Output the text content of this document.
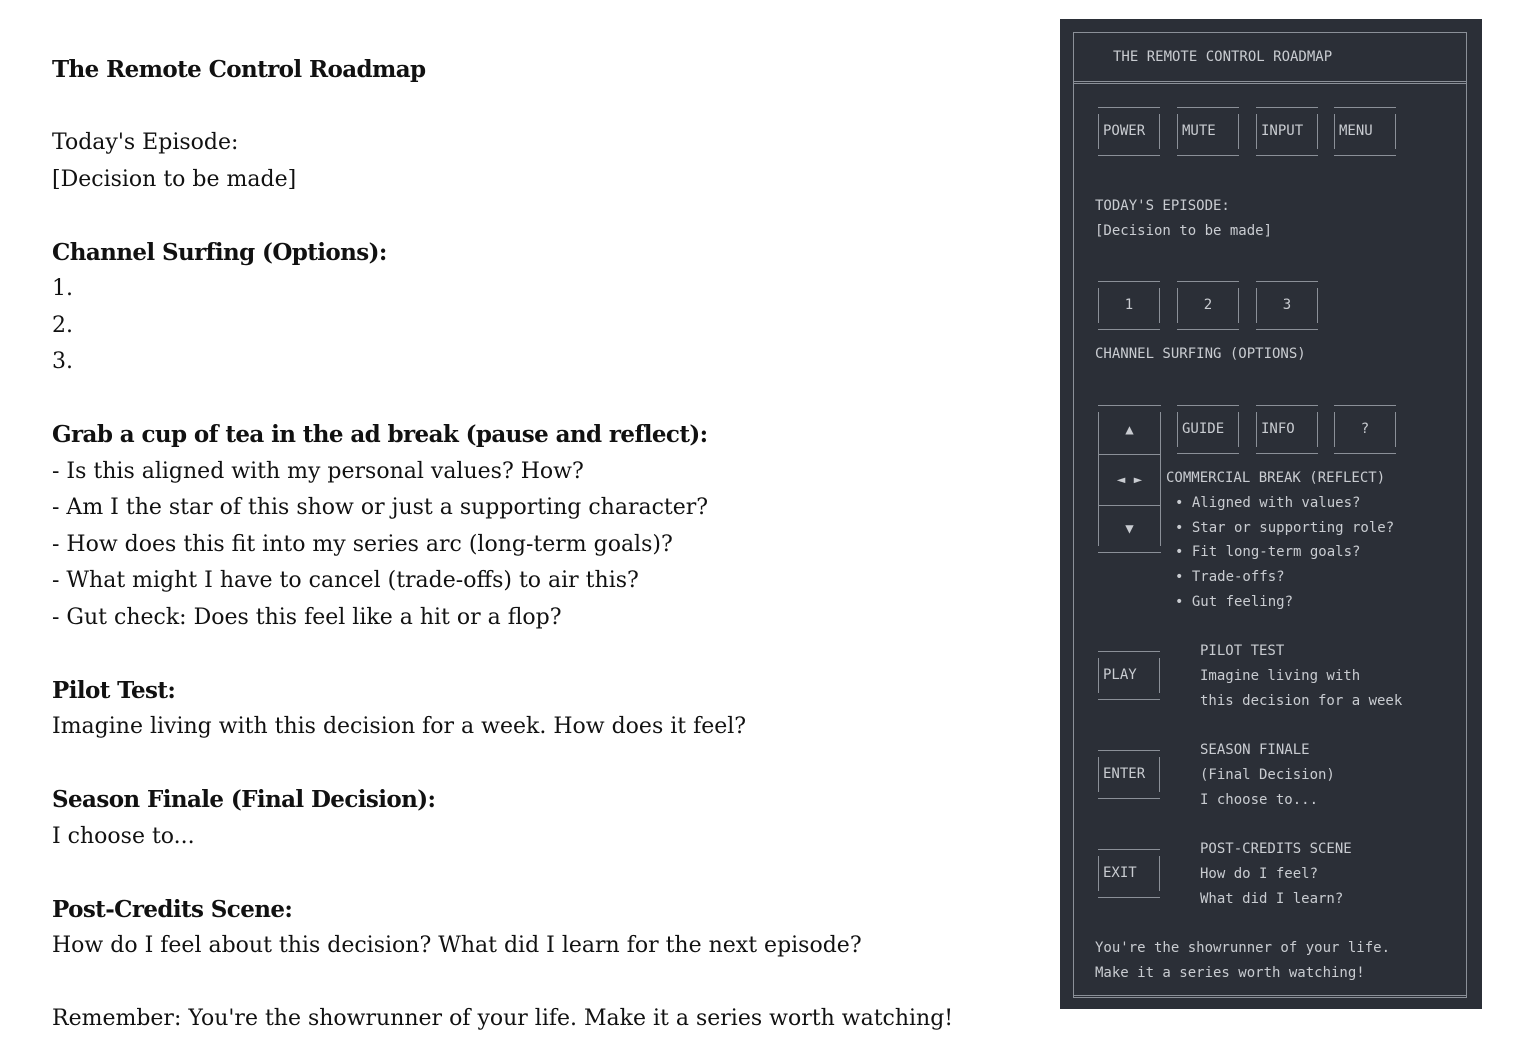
The Remote Control Roadmap
Today's Episode:
[Decision to be made]
Channel Surfing (Options):
1.
2.
3.
Grab a cup of tea in the ad break (pause and reflect):
- Is this aligned with my personal values? How?
- Am I the star of this show or just a supporting character?
- How does this fit into my series arc (long-term goals)?
- What might I have to cancel (trade-offs) to air this?
- Gut check: Does this feel like a hit or a flop?
Pilot Test:
Imagine living with this decision for a week. How does it feel?
Season Finale (Final Decision):
I choose to...
Post-Credits Scene:
How do I feel about this decision? What did I learn for the next episode?
Remember: You're the showrunner of your life. Make it a series worth watching!
THE REMOTE CONTROL ROADMAP
POWER	MUTE	INPUT	MENU
TODAY'S EPISODE:
[Decision to be made]
1	2	3
CHANNEL SURFING (OPTIONS)
▲
◄ ►
▼
GUIDE	INFO	?
COMMERCIAL BREAK (REFLECT)
• Aligned with values?
• Star or supporting role?
• Fit long-term goals?
• Trade-offs?
• Gut feeling?
PLAY
PILOT TEST
Imagine living with
this decision for a week
ENTER
SEASON FINALE
(Final Decision)
I choose to...
EXIT
POST-CREDITS SCENE
How do I feel?
What did I learn?
You're the showrunner of your life.
Make it a series worth watching!
